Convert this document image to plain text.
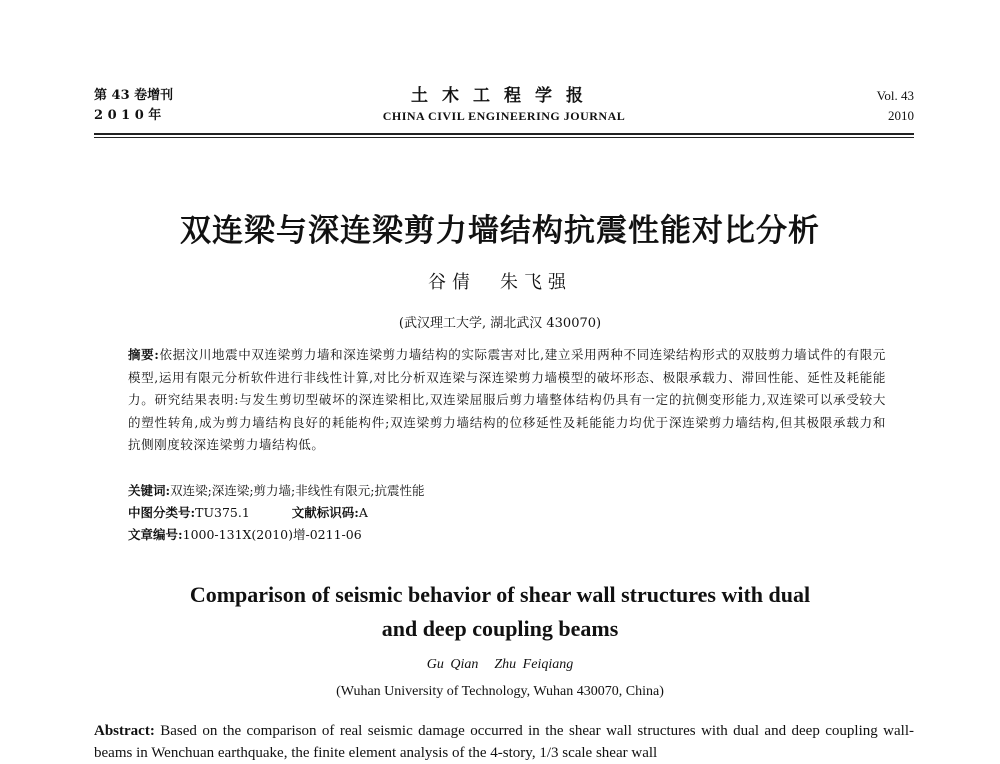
第 43 卷增刊
2 0 1 0 年
土木工程学报
CHINA CIVIL ENGINEERING JOURNAL
Vol. 43
2010
双连梁与深连梁剪力墙结构抗震性能对比分析
谷倩 朱飞强
(武汉理工大学, 湖北武汉 430070)
摘要:依据汶川地震中双连梁剪力墙和深连梁剪力墙结构的实际震害对比,建立采用两种不同连梁结构形式的双肢剪力墙试件的有限元模型,运用有限元分析软件进行非线性计算,对比分析双连梁与深连梁剪力墙模型的破坏形态、极限承载力、滞回性能、延性及耗能能力。研究结果表明:与发生剪切型破坏的深连梁相比,双连梁屈服后剪力墙整体结构仍具有一定的抗侧变形能力,双连梁可以承受较大的塑性转角,成为剪力墙结构良好的耗能构件;双连梁剪力墙结构的位移延性及耗能能力均优于深连梁剪力墙结构,但其极限承载力和抗侧刚度较深连梁剪力墙结构低。
关键词:双连梁;深连梁;剪力墙;非线性有限元;抗震性能
中图分类号:TU375.1	文献标识码:A
文章编号:1000-131X(2010)增-0211-06
Comparison of seismic behavior of shear wall structures with dual
and deep coupling beams
Gu Qian Zhu Feiqiang
(Wuhan University of Technology, Wuhan 430070, China)
Abstract: Based on the comparison of real seismic damage occurred in the shear wall structures with dual and deep coupling wall-beams in Wenchuan earthquake, the finite element analysis of the 4-story, 1/3 scale shear wall
